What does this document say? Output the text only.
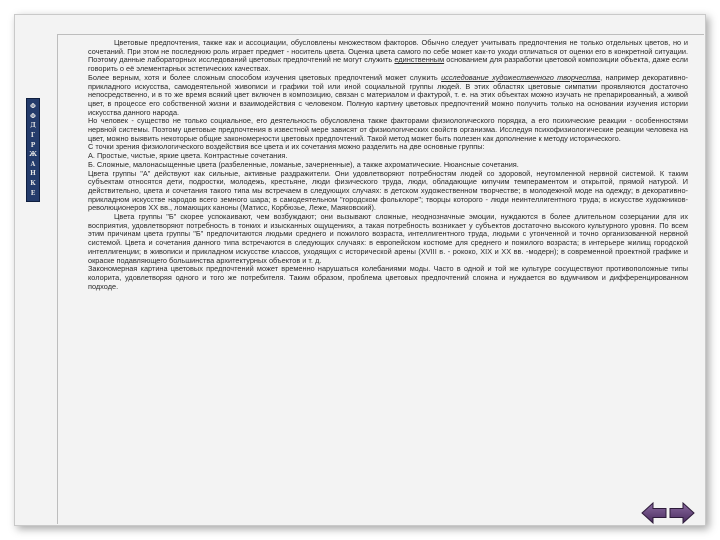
Ф
Ф
Д
Г
Р
Ж
А
Н
К
Е

Цветовые предпочтения, также как и ассоциации, обусловлены множеством факторов. Обычно следует учитывать предпочтения не только отдельных цветов, но и сочетаний. При этом не последнюю роль играет предмет - носитель цвета. Оценка цвета самого по себе может как-то уходи отличаться от оценки его в конкретной ситуации. Поэтому данные лабораторных исследований цветовых предпочтений не могут служить единственным основанием для разработки цветовой композиции объекта, даже если говорить о её элементарных эстетических качествах.

Более верным, хотя и более сложным способом изучения цветовых предпочтений может служить исследование художественного творчества, например декоративно-прикладного искусства, самодеятельной живописи и графики той или иной социальной группы людей. В этих областях цветовые симпатии проявляются достаточно непосредственно, и в то же время всякий цвет включен в композицию, связан с материалом и фактурой, т. е. на этих объектах можно изучать не препарированный, а живой цвет, в процессе его собственной жизни и взаимодействия с человеком. Полную картину цветовых предпочтений можно получить только на основании изучения истории искусства данного народа.

Но человек - существо не только социальное, его деятельность обусловлена также факторами физиологического порядка, а его психические реакции - особенностями нервной системы. Поэтому цветовые предпочтения в известной мере зависят от физиологических свойств организма. Исследуя психофизиологические реакции человека на цвет, можно выявить некоторые общие закономерности цветовых предпочтений. Такой метод может быть полезен как дополнение к методу исторического.

С точки зрения физиологического воздействия все цвета и их сочетания можно разделить на две основные группы:

А. Простые, чистые, яркие цвета. Контрастные сочетания.

Б. Сложные, малонасыщенные цвета (разбеленные, ломаные, зачерненные), а также ахроматические. Нюансные сочетания.

Цвета группы "А" действуют как сильные, активные раздражители. Они удовлетворяют потребностям людей со здоровой, неутомленной нервной системой. К таким субъектам относятся дети, подростки, молодежь, крестьяне, люди физического труда, люди, обладающие кипучим темпераментом и открытой, прямой натурой. И действительно, цвета и сочетания такого типа мы встречаем в следующих случаях: в детском художественном творчестве; в молодежной моде на одежду; в декоративно-прикладном искусстве народов всего земного шара; в самодеятельном "городском фольклоре"; творцы которого - люди неинтеллигентного труда; в искусстве художников-революционеров XX вв., ломающих каноны (Матисс, Корбюзье, Леже, Маяковский).

Цвета группы "Б" скорее успокаивают, чем возбуждают; они вызывают сложные, неоднозначные эмоции, нуждаются в более длительном созерцании для их восприятия, удовлетворяют потребность в тонких и изысканных ощущениях, а такая потребность возникает у субъектов достаточно высокого культурного уровня. По всем этим причинам цвета группы "Б" предпочитаются людьми среднего и пожилого возраста, интеллигентного труда, людьми с утонченной и точно организованной нервной системой. Цвета и сочетания данного типа встречаются в следующих случаях: в европейском костюме для среднего и пожилого возраста; в интерьере жилищ городской интеллигенции; в живописи и прикладном искусстве классов, уходящих с исторической арены (XVIII в. - рококо, XIX и XX вв. -модерн); в современной проектной графике и окраске подавляющего большинства архитектурных объектов и т. д.

Закономерная картина цветовых предпочтений может временно нарушаться колебаниями моды. Часто в одной и той же культуре сосуществуют противоположные типы колорита, удовлетворяя одного и того же потребителя. Таким образом, проблема цветовых предпочтений сложна и нуждается во вдумчивом и дифференцированном подходе.
